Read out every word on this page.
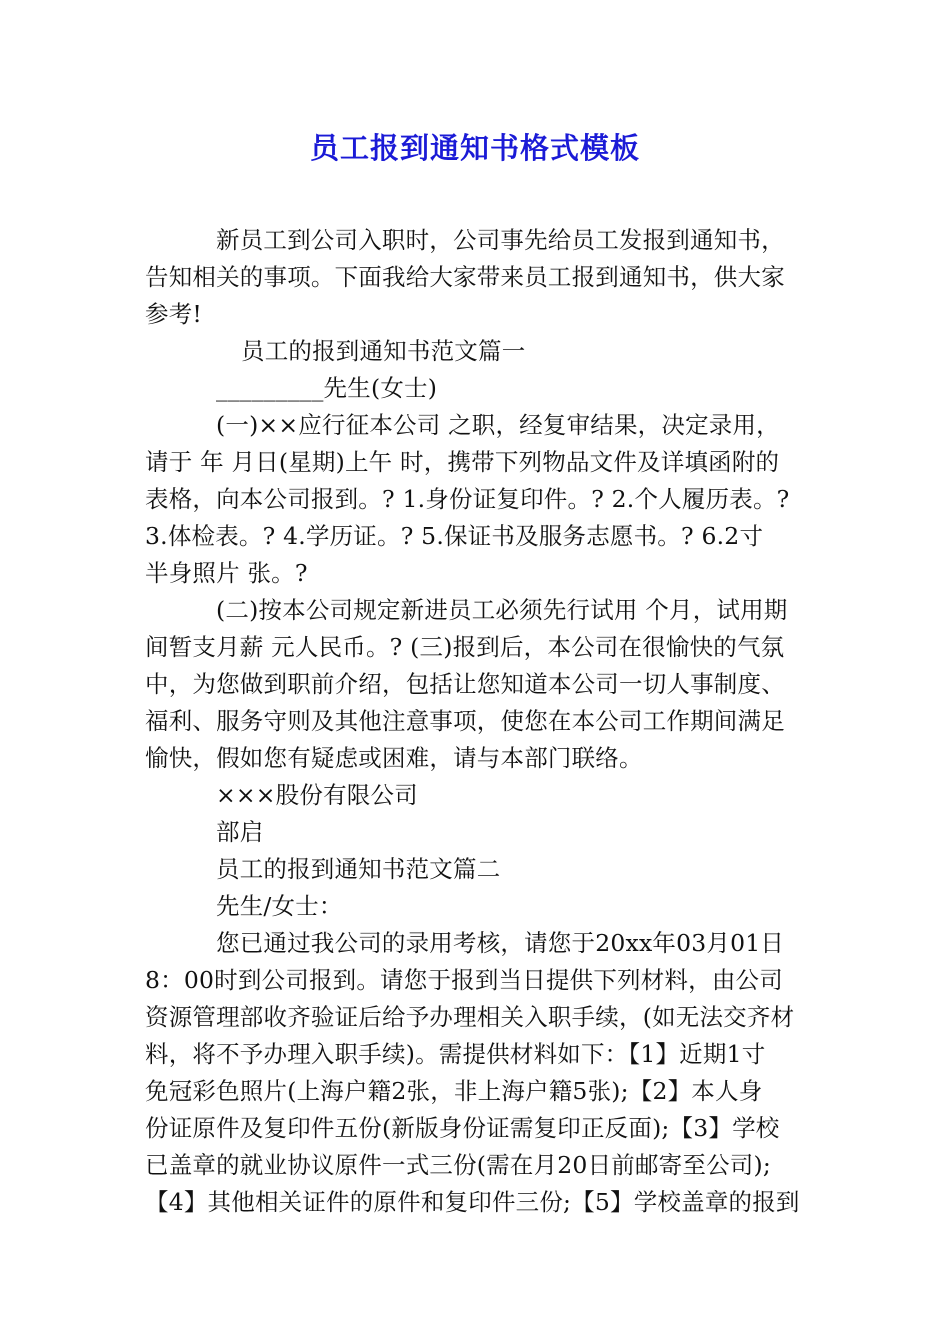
员工报到通知书格式模板
新员工到公司入职时，公司事先给员工发报到通知书，
告知相关的事项。下面我给大家带来员工报到通知书，供大家
参考!
员工的报到通知书范文篇一
_________先生(女士)
(一)××应行征本公司 之职，经复审结果，决定录用，
请于 年 月日(星期)上午 时，携带下列物品文件及详填函附的
表格，向本公司报到。? 1.身份证复印件。? 2.个人履历表。?
3.体检表。? 4.学历证。? 5.保证书及服务志愿书。? 6.2寸
半身照片 张。?
(二)按本公司规定新进员工必须先行试用 个月，试用期
间暂支月薪 元人民币。? (三)报到后，本公司在很愉快的气氛
中，为您做到职前介绍，包括让您知道本公司一切人事制度、
福利、服务守则及其他注意事项，使您在本公司工作期间满足
愉快，假如您有疑虑或困难，请与本部门联络。
×××股份有限公司
部启
员工的报到通知书范文篇二
先生/女士：
您已通过我公司的录用考核，请您于20xx年03月01日
8：00时到公司报到。请您于报到当日提供下列材料，由公司
资源管理部收齐验证后给予办理相关入职手续，(如无法交齐材
料，将不予办理入职手续)。需提供材料如下：【1】近期1寸
免冠彩色照片(上海户籍2张，非上海户籍5张);【2】本人身
份证原件及复印件五份(新版身份证需复印正反面);【3】学校
已盖章的就业协议原件一式三份(需在月20日前邮寄至公司);
【4】其他相关证件的原件和复印件三份;【5】学校盖章的报到
